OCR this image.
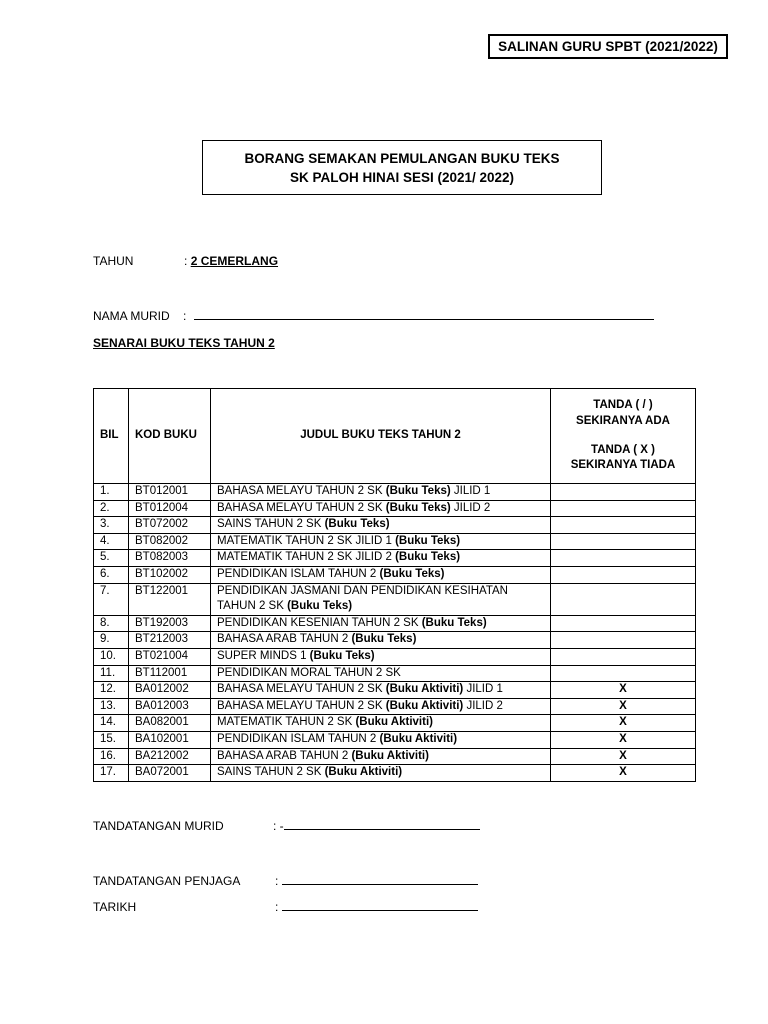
SALINAN GURU SPBT (2021/2022)
BORANG SEMAKAN PEMULANGAN BUKU TEKS
SK PALOH HINAI SESI (2021/ 2022)
TAHUN	: 2 CEMERLANG
NAMA MURID :
SENARAI BUKU TEKS TAHUN 2
BIL	KOD BUKU	JUDUL BUKU TEKS TAHUN 2	TANDA ( / )
SEKIRANYA ADA
TANDA ( X )
SEKIRANYA TIADA

1.	BT012001	BAHASA MELAYU TAHUN 2 SK (Buku Teks) JILID 1	
2.	BT012004	BAHASA MELAYU TAHUN 2 SK (Buku Teks) JILID 2	
3.	BT072002	SAINS TAHUN 2 SK (Buku Teks)	
4.	BT082002	MATEMATIK TAHUN 2 SK JILID 1 (Buku Teks)	
5.	BT082003	MATEMATIK TAHUN 2 SK JILID 2 (Buku Teks)	
6.	BT102002	PENDIDIKAN ISLAM TAHUN 2 (Buku Teks)	
7.	BT122001	PENDIDIKAN JASMANI DAN PENDIDIKAN KESIHATAN TAHUN 2 SK (Buku Teks)	
8.	BT192003	PENDIDIKAN KESENIAN TAHUN 2 SK (Buku Teks)	
9.	BT212003	BAHASA ARAB TAHUN 2 (Buku Teks)	
10.	BT021004	SUPER MINDS 1 (Buku Teks)	
11.	BT112001	PENDIDIKAN MORAL TAHUN 2 SK	
12.	BA012002	BAHASA MELAYU TAHUN 2 SK (Buku Aktiviti) JILID 1	X
13.	BA012003	BAHASA MELAYU TAHUN 2 SK (Buku Aktiviti) JILID 2	X
14.	BA082001	MATEMATIK TAHUN 2 SK (Buku Aktiviti)	X
15.	BA102001	PENDIDIKAN ISLAM TAHUN 2 (Buku Aktiviti)	X
16.	BA212002	BAHASA ARAB TAHUN 2 (Buku Aktiviti)	X
17.	BA072001	SAINS TAHUN 2 SK (Buku Aktiviti)	X
TANDATANGAN MURID	: -
TANDATANGAN PENJAGA	:
TARIKH	:
